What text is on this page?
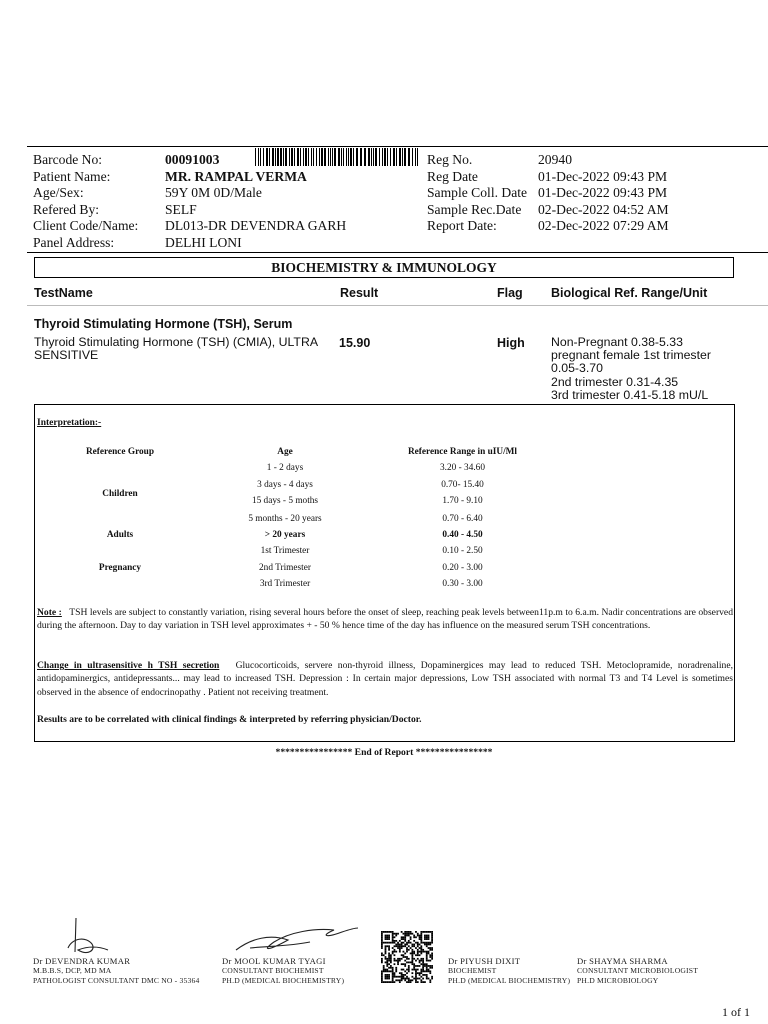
Barcode No:	00091003
Patient Name:	MR. RAMPAL VERMA
Age/Sex:	59Y 0M 0D/Male
Refered By:	SELF
Client Code/Name:	DL013-DR DEVENDRA GARH
Panel Address:	DELHI LONI
Reg No.	20940
Reg Date	01-Dec-2022 09:43 PM
Sample Coll. Date 01-Dec-2022 09:43 PM
Sample Rec.Date	02-Dec-2022 04:52 AM
Report Date:	02-Dec-2022 07:29 AM
BIOCHEMISTRY & IMMUNOLOGY
TestName	Result	Flag Biological Ref. Range/Unit
Thyroid Stimulating Hormone (TSH), Serum
Thyroid Stimulating Hormone (TSH) (CMIA), ULTRA SENSITIVE
15.90	High Non-Pregnant 0.38-5.33
pregnant female 1st trimester
0.05-3.70
2nd trimester 0.31-4.35
3rd trimester 0.41-5.18 mU/L
Interpretation:-
Reference Group	Age	Reference Range in uIU/Ml
Children
1 - 2 days	3.20 - 34.60
3 days - 4 days	0.70- 15.40
15 days - 5 moths	1.70 - 9.10
5 months - 20 years	0.70 - 6.40
Adults	> 20 years	0.40 - 4.50
Pregnancy
1st Trimester	0.10 - 2.50
2nd Trimester	0.20 - 3.00
3rd Trimester	0.30 - 3.00
Note : TSH levels are subject to constantly variation, rising several hours before the onset of sleep, reaching peak levels between11p.m to 6.a.m. Nadir concentrations are observed during the afternoon. Day to day variation in TSH level approximates + - 50 % hence time of the day has influence on the measured serum TSH concentrations.
Change in ultrasensitive h TSH secretion Glucocorticoids, servere non-thyroid illness, Dopaminergices may lead to reduced TSH. Metoclopramide, noradrenaline, antidopaminergics, antidepressants... may lead to increased TSH. Depression : In certain major depressions, Low TSH associated with normal T3 and T4 Level is sometimes observed in the absence of endocrinopathy . Patient not receiving treatment.
Results are to be correlated with clinical findings & interpreted by referring physician/Doctor.
**************** End of Report ****************
Dr DEVENDRA KUMAR
M.B.B.S, DCP, MD MA
PATHOLOGIST CONSULTANT DMC NO - 35364
Dr MOOL KUMAR TYAGI
CONSULTANT BIOCHEMIST
PH.D (MEDICAL BIOCHEMISTRY)
Dr PIYUSH DIXIT
BIOCHEMIST
PH.D (MEDICAL BIOCHEMISTRY)
Dr SHAYMA SHARMA
CONSULTANT MICROBIOLOGIST
PH.D MICROBIOLOGY
1 of 1
